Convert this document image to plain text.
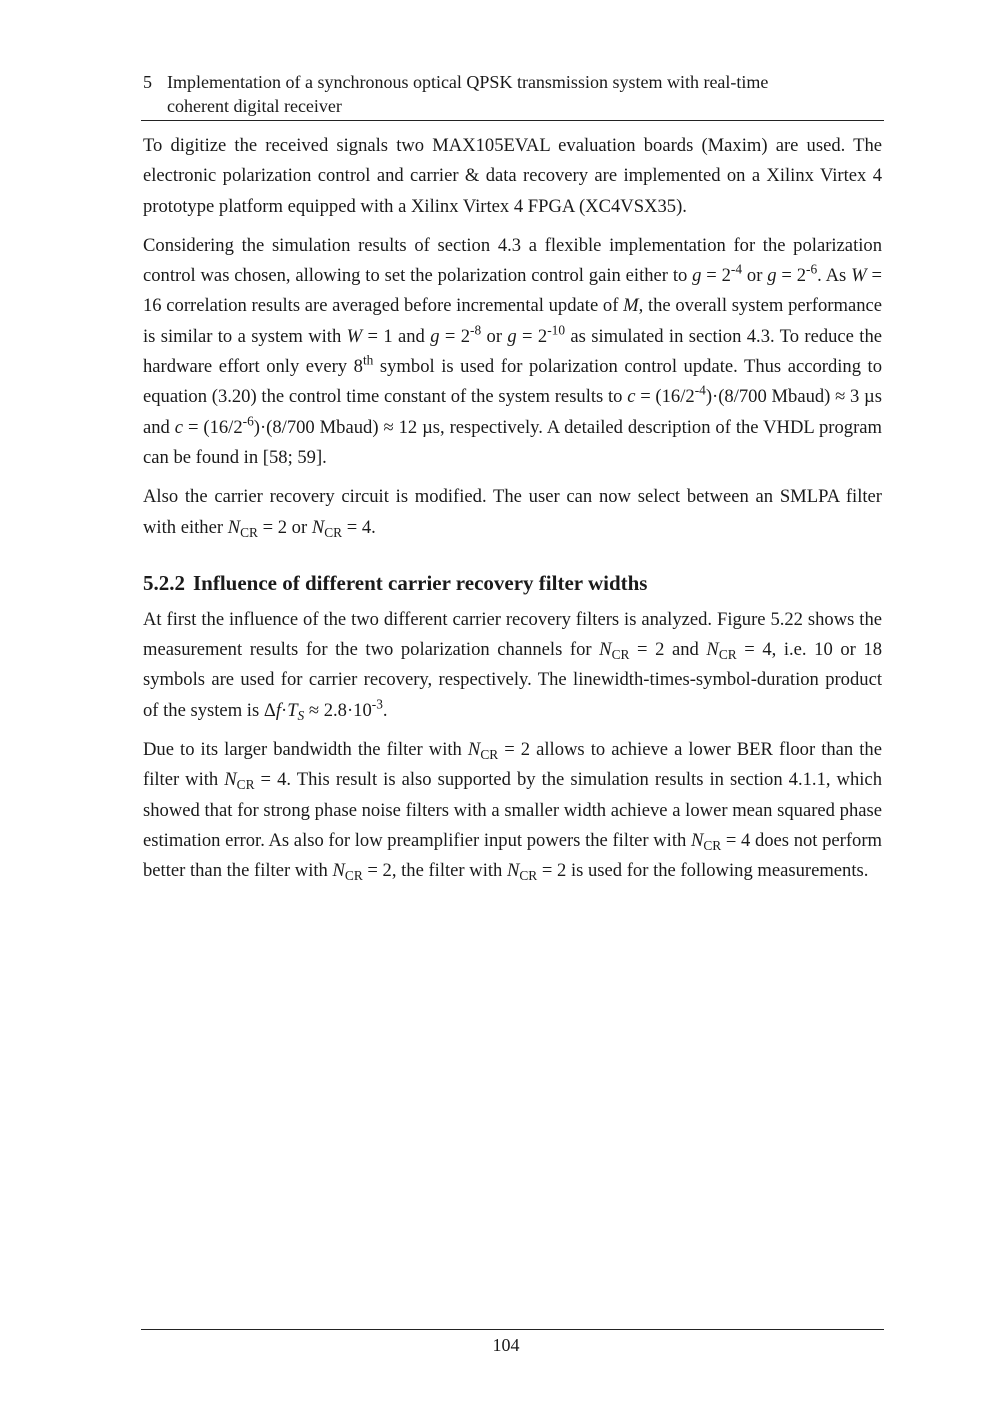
5 Implementation of a synchronous optical QPSK transmission system with real-time
coherent digital receiver

To digitize the received signals two MAX105EVAL evaluation boards (Maxim) are used. The electronic polarization control and carrier & data recovery are implemented on a Xilinx Virtex 4 prototype platform equipped with a Xilinx Virtex 4 FPGA (XC4VSX35).

Considering the simulation results of section 4.3 a flexible implementation for the polarization control was chosen, allowing to set the polarization control gain either to $g = 2^{-4}$ or $g = 2^{-6}$. As W = 16 correlation results are averaged before incremental update of M, the overall system performance is similar to a system with W = 1 and $g = 2^{-8}$ or $g = 2^{-10}$ as simulated in section 4.3. To reduce the hardware effort only every 8th symbol is used for polarization control update. Thus according to equation (3.20) the control time constant of the system results to $c = (16/2^{-4})\cdot(8/700$ Mbaud) ≈ 3 µs and $c = (16/2^{-6})\cdot(8/700$ Mbaud) ≈ 12 µs, respectively. A detailed description of the VHDL program can be found in [58; 59].

Also the carrier recovery circuit is modified. The user can now select between an SMLPA filter with either $N_{CR} = 2$ or $N_{CR} = 4$.

5.2.2 Influence of different carrier recovery filter widths

At first the influence of the two different carrier recovery filters is analyzed. Figure 5.22 shows the measurement results for the two polarization channels for $N_{CR} = 2$ and $N_{CR} = 4$, i.e. 10 or 18 symbols are used for carrier recovery, respectively. The linewidth-times-symbol-duration product of the system is $\Delta f\cdot T_S \approx 2.8\cdot 10^{-3}$.

Due to its larger bandwidth the filter with $N_{CR} = 2$ allows to achieve a lower BER floor than the filter with $N_{CR} = 4$. This result is also supported by the simulation results in section 4.1.1, which showed that for strong phase noise filters with a smaller width achieve a lower mean squared phase estimation error. As also for low preamplifier input powers the filter with $N_{CR} = 4$ does not perform better than the filter with $N_{CR} = 2$, the filter with $N_{CR} = 2$ is used for the following measurements.

104
